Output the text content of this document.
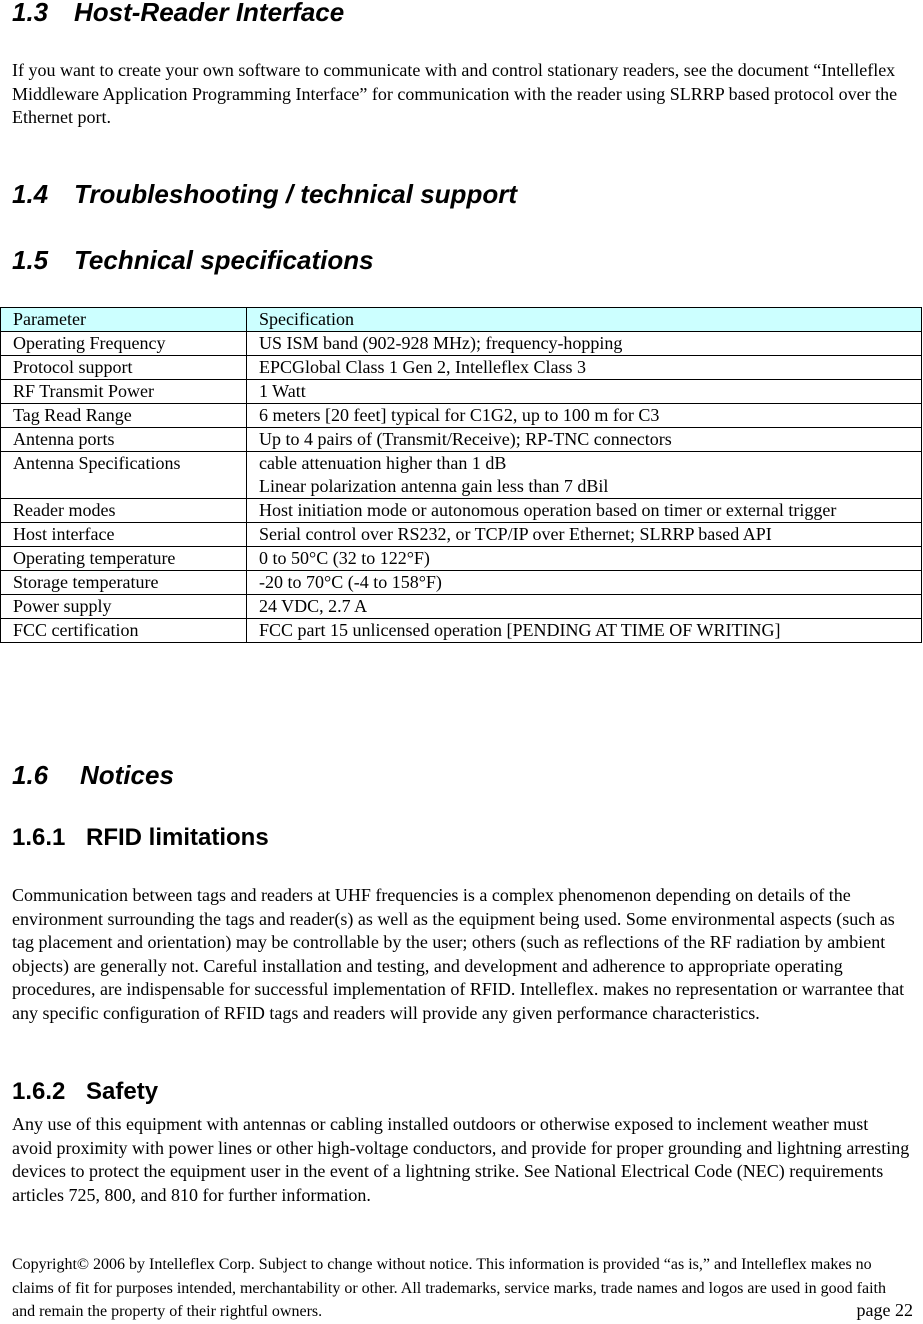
1.3 Host-Reader Interface

If you want to create your own software to communicate with and control stationary readers, see the document “Intelleflex Middleware Application Programming Interface” for communication with the reader using SLRRP based protocol over the Ethernet port.

1.4 Troubleshooting / technical support
1.5 Technical specifications
Parameter	Specification
Operating Frequency	US ISM band (902-928 MHz); frequency-hopping
Protocol support	EPCGlobal Class 1 Gen 2, Intelleflex Class 3
RF Transmit Power	1 Watt
Tag Read Range	6 meters [20 feet] typical for C1G2, up to 100 m for C3
Antenna ports	Up to 4 pairs of (Transmit/Receive); RP-TNC connectors
Antenna Specifications	cable attenuation higher than 1 dB
Linear polarization antenna gain less than 7 dBil

Reader modes	Host initiation mode or autonomous operation based on timer or external trigger
Host interface	Serial control over RS232, or TCP/IP over Ethernet; SLRRP based API
Operating temperature	0 to 50°C (32 to 122°F)
Storage temperature	-20 to 70°C (-4 to 158°F)
Power supply	24 VDC, 2.7 A
FCC certification	FCC part 15 unlicensed operation [PENDING AT TIME OF WRITING]
1.6 Notices
1.6.1 RFID limitations

Communication between tags and readers at UHF frequencies is a complex phenomenon depending on details of the environment surrounding the tags and reader(s) as well as the equipment being used. Some environmental aspects (such as tag placement and orientation) may be controllable by the user; others (such as reflections of the RF radiation by ambient objects) are generally not. Careful installation and testing, and development and adherence to appropriate operating procedures, are indispensable for successful implementation of RFID. Intelleflex. makes no representation or warrantee that any specific configuration of RFID tags and readers will provide any given performance characteristics.

1.6.2 Safety

Any use of this equipment with antennas or cabling installed outdoors or otherwise exposed to inclement weather must avoid proximity with power lines or other high-voltage conductors, and provide for proper grounding and lightning arresting devices to protect the equipment user in the event of a lightning strike. See National Electrical Code (NEC) requirements articles 725, 800, and 810 for further information.

Copyright© 2006 by Intelleflex Corp. Subject to change without notice. This information is provided “as is,” and Intelleflex makes no claims of fit for purposes intended, merchantability or other. All trademarks, service marks, trade names and logos are used in good faith and remain the property of their rightful owners.	page 22
